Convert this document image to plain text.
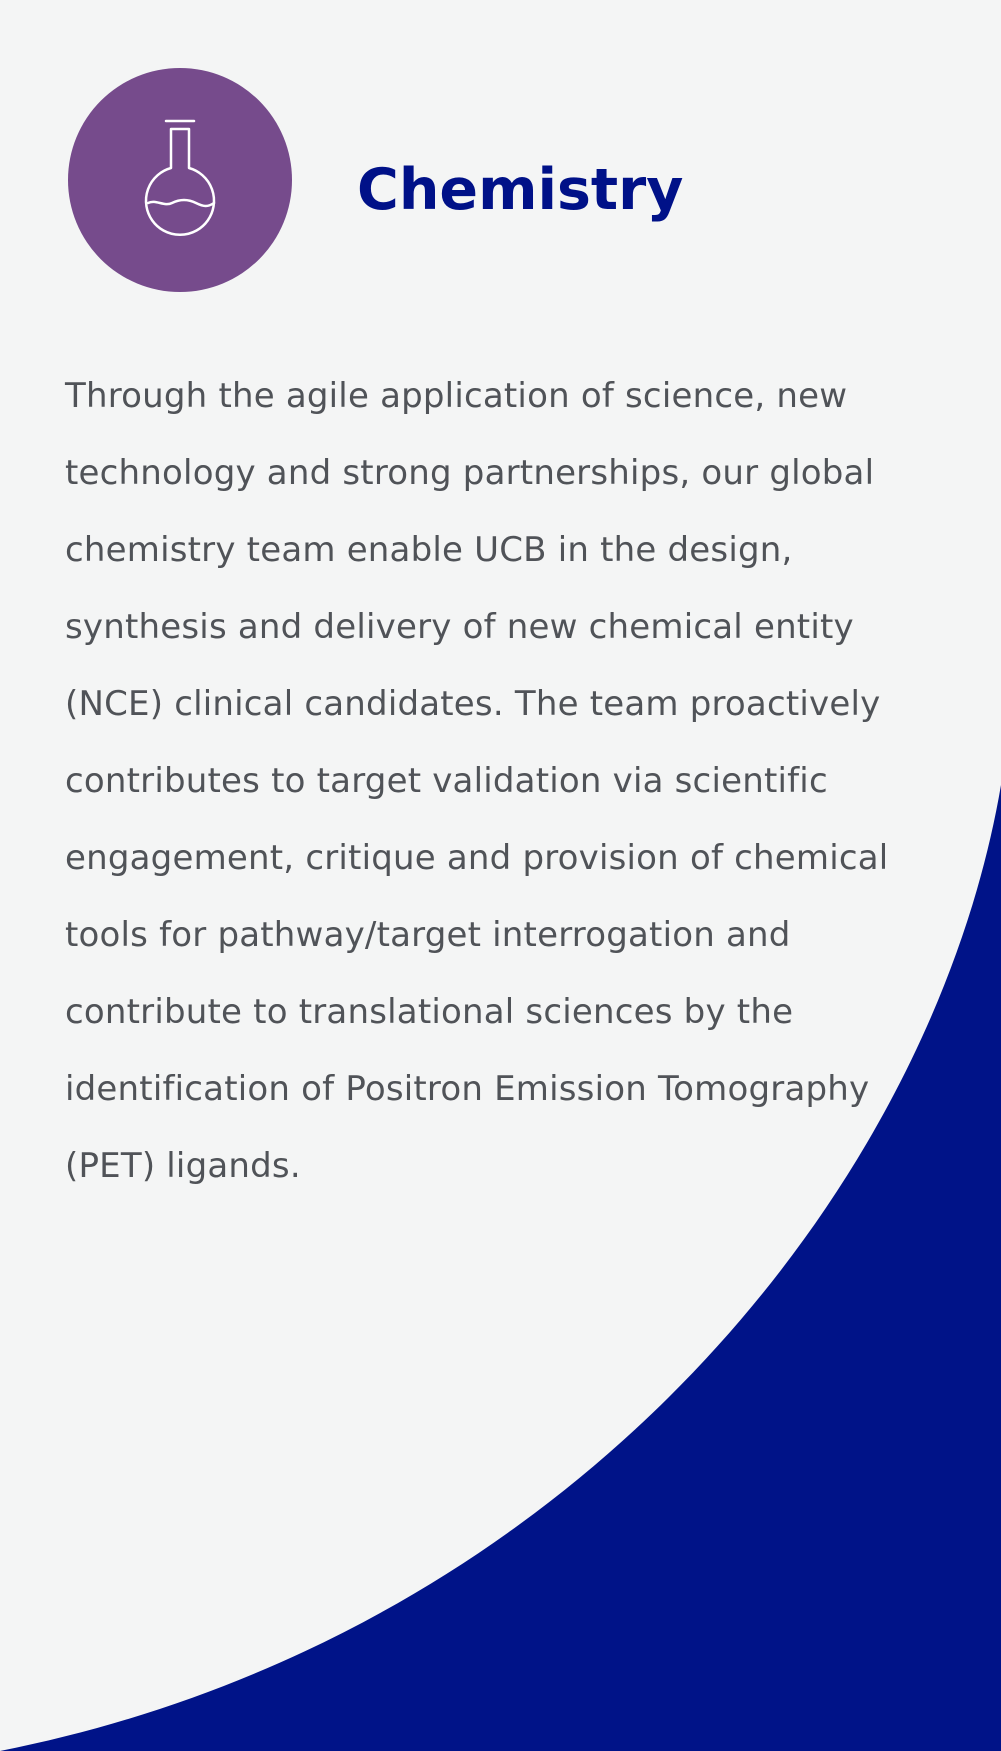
Chemistry

Through the agile application of science, new technology and strong partnerships, our global chemistry team enable UCB in the design, synthesis and delivery of new chemical entity (NCE) clinical candidates. The team proactively contributes to target validation via scientific engagement, critique and provision of chemical tools for pathway/target interrogation and contribute to translational sciences by the identification of Positron Emission Tomography (PET) ligands.
